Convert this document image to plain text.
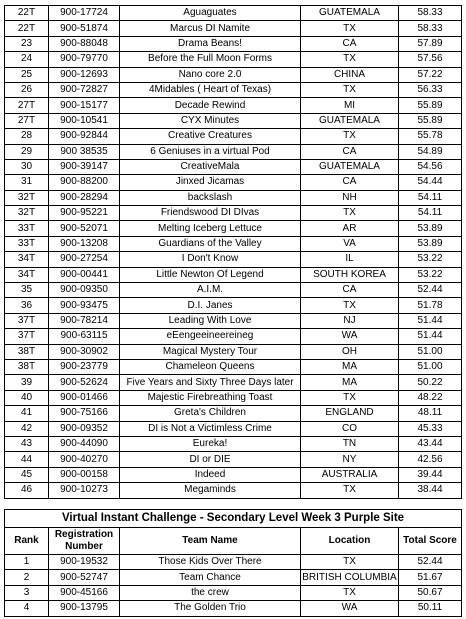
22T	900-17724	Aguaguates	GUATEMALA	58.33
22T	900-51874	Marcus DI Namite	TX	58.33
23	900-88048	Drama Beans!	CA	57.89
24	900-79770	Before the Full Moon Forms	TX	57.56
25	900-12693	Nano core 2.0	CHINA	57.22
26	900-72827	4Midables ( Heart of Texas)	TX	56.33
27T	900-15177	Decade Rewind	MI	55.89
27T	900-10541	CYX Minutes	GUATEMALA	55.89
28	900-92844	Creative Creatures	TX	55.78
29	900 38535	6 Geniuses in a virtual Pod	CA	54.89
30	900-39147	CreativeMala	GUATEMALA	54.56
31	900-88200	Jinxed Jicamas	CA	54.44
32T	900-28294	backslash	NH	54.11
32T	900-95221	Friendswood DI DIvas	TX	54.11
33T	900-52071	Melting Iceberg Lettuce	AR	53.89
33T	900-13208	Guardians of the Valley	VA	53.89
34T	900-27254	I Don't Know	IL	53.22
34T	900-00441	Little Newton Of Legend	SOUTH KOREA	53.22
35	900-09350	A.I.M.	CA	52.44
36	900-93475	D.I. Janes	TX	51.78
37T	900-78214	Leading With Love	NJ	51.44
37T	900-63115	eEengeeineereineg	WA	51.44
38T	900-30902	Magical Mystery Tour	OH	51.00
38T	900-23779	Chameleon Queens	MA	51.00
39	900-52624	Five Years and Sixty Three Days later	MA	50.22
40	900-01466	Majestic Firebreathing Toast	TX	48.22
41	900-75166	Greta's Children	ENGLAND	48.11
42	900-09352	DI is Not a Victimless Crime	CO	45.33
43	900-44090	Eureka!	TN	43.44
44	900-40270	DI or DIE	NY	42.56
45	900-00158	Indeed	AUSTRALIA	39.44
46	900-10273	Megaminds	TX	38.44
Virtual Instant Challenge - Secondary Level Week 3 Purple Site				
Rank	Registration Number	Team Name	Location	Total Score
1	900-19532	Those Kids Over There	TX	52.44
2	900-52747	Team Chance	BRITISH COLUMBIA	51.67
3	900-45166	the crew	TX	50.67
4	900-13795	The Golden Trio	WA	50.11
